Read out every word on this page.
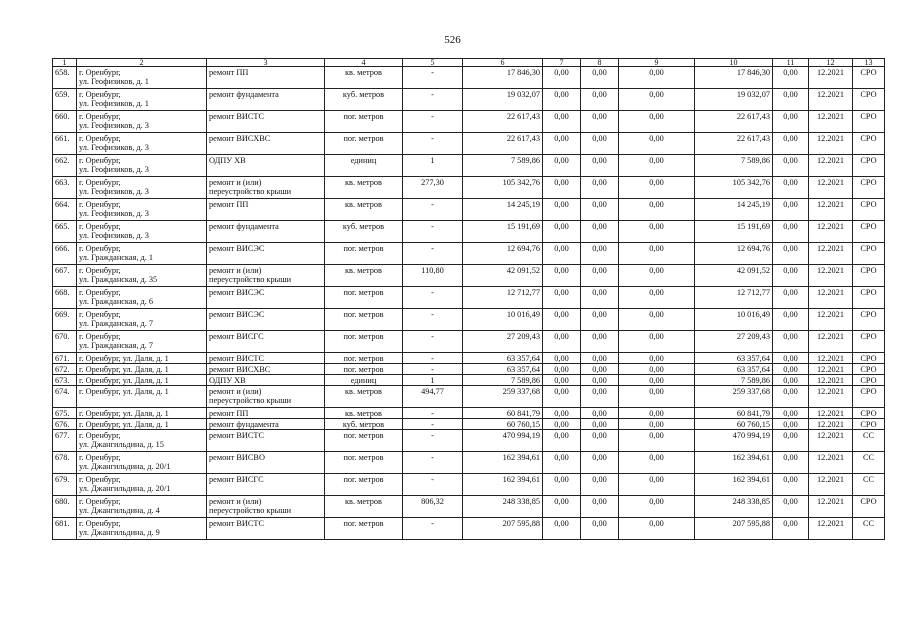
526
1	2	3	4	5	6	7	8	9	10	11	12	13
658.	г. Оренбург,
ул. Геофизиков, д. 1	ремонт ПП	кв. метров	-	17 846,30	0,00	0,00	0,00	17 846,30	0,00	12.2021	СРО
659.	г. Оренбург,
ул. Геофизиков, д. 1	ремонт фундамента	куб. метров	-	19 032,07	0,00	0,00	0,00	19 032,07	0,00	12.2021	СРО
660.	г. Оренбург,
ул. Геофизиков, д. 3	ремонт ВИСТС	пог. метров	-	22 617,43	0,00	0,00	0,00	22 617,43	0,00	12.2021	СРО
661.	г. Оренбург,
ул. Геофизиков, д. 3	ремонт ВИСХВС	пог. метров	-	22 617,43	0,00	0,00	0,00	22 617,43	0,00	12.2021	СРО
662.	г. Оренбург,
ул. Геофизиков, д. 3	ОДПУ ХВ	единиц	1	7 589,86	0,00	0,00	0,00	7 589,86	0,00	12.2021	СРО
663.	г. Оренбург,
ул. Геофизиков, д. 3	ремонт и (или)
переустройство крыши	кв. метров	277,30	105 342,76	0,00	0,00	0,00	105 342,76	0,00	12.2021	СРО
664.	г. Оренбург,
ул. Геофизиков, д. 3	ремонт ПП	кв. метров	-	14 245,19	0,00	0,00	0,00	14 245,19	0,00	12.2021	СРО
665.	г. Оренбург,
ул. Геофизиков, д. 3	ремонт фундамента	куб. метров	-	15 191,69	0,00	0,00	0,00	15 191,69	0,00	12.2021	СРО
666.	г. Оренбург,
ул. Гражданская, д. 1	ремонт ВИСЭС	пог. метров	-	12 694,76	0,00	0,00	0,00	12 694,76	0,00	12.2021	СРО
667.	г. Оренбург,
ул. Гражданская, д. 35	ремонт и (или)
переустройство крыши	кв. метров	110,80	42 091,52	0,00	0,00	0,00	42 091,52	0,00	12.2021	СРО
668.	г. Оренбург,
ул. Гражданская, д. 6	ремонт ВИСЭС	пог. метров	-	12 712,77	0,00	0,00	0,00	12 712,77	0,00	12.2021	СРО
669.	г. Оренбург,
ул. Гражданская, д. 7	ремонт ВИСЭС	пог. метров	-	10 016,49	0,00	0,00	0,00	10 016,49	0,00	12.2021	СРО
670.	г. Оренбург,
ул. Гражданская, д. 7	ремонт ВИСГС	пог. метров	-	27 209,43	0,00	0,00	0,00	27 209,43	0,00	12.2021	СРО
671.	г. Оренбург, ул. Даля, д. 1	ремонт ВИСТС	пог. метров	-	63 357,64	0,00	0,00	0,00	63 357,64	0,00	12.2021	СРО
672.	г. Оренбург, ул. Даля, д. 1	ремонт ВИСХВС	пог. метров	-	63 357,64	0,00	0,00	0,00	63 357,64	0,00	12.2021	СРО
673.	г. Оренбург, ул. Даля, д. 1	ОДПУ ХВ	единиц	1	7 589,86	0,00	0,00	0,00	7 589,86	0,00	12.2021	СРО
674.	г. Оренбург, ул. Даля, д. 1	ремонт и (или)
переустройство крыши	кв. метров	494,77	259 337,68	0,00	0,00	0,00	259 337,68	0,00	12.2021	СРО
675.	г. Оренбург, ул. Даля, д. 1	ремонт ПП	кв. метров	-	60 841,79	0,00	0,00	0,00	60 841,79	0,00	12.2021	СРО
676.	г. Оренбург, ул. Даля, д. 1	ремонт фундамента	куб. метров	-	60 760,15	0,00	0,00	0,00	60 760,15	0,00	12.2021	СРО
677.	г. Оренбург,
ул. Джангильдина, д. 15	ремонт ВИСТС	пог. метров	-	470 994,19	0,00	0,00	0,00	470 994,19	0,00	12.2021	СС
678.	г. Оренбург,
ул. Джангильдина, д. 20/1	ремонт ВИСВО	пог. метров	-	162 394,61	0,00	0,00	0,00	162 394,61	0,00	12.2021	СС
679.	г. Оренбург,
ул. Джангильдина, д. 20/1	ремонт ВИСГС	пог. метров	-	162 394,61	0,00	0,00	0,00	162 394,61	0,00	12.2021	СС
680.	г. Оренбург,
ул. Джангильдина, д. 4	ремонт и (или)
переустройство крыши	кв. метров	806,32	248 338,85	0,00	0,00	0,00	248 338,85	0,00	12.2021	СРО
681.	г. Оренбург,
ул. Джангильдина, д. 9	ремонт ВИСТС	пог. метров	-	207 595,88	0,00	0,00	0,00	207 595,88	0,00	12.2021	СС
